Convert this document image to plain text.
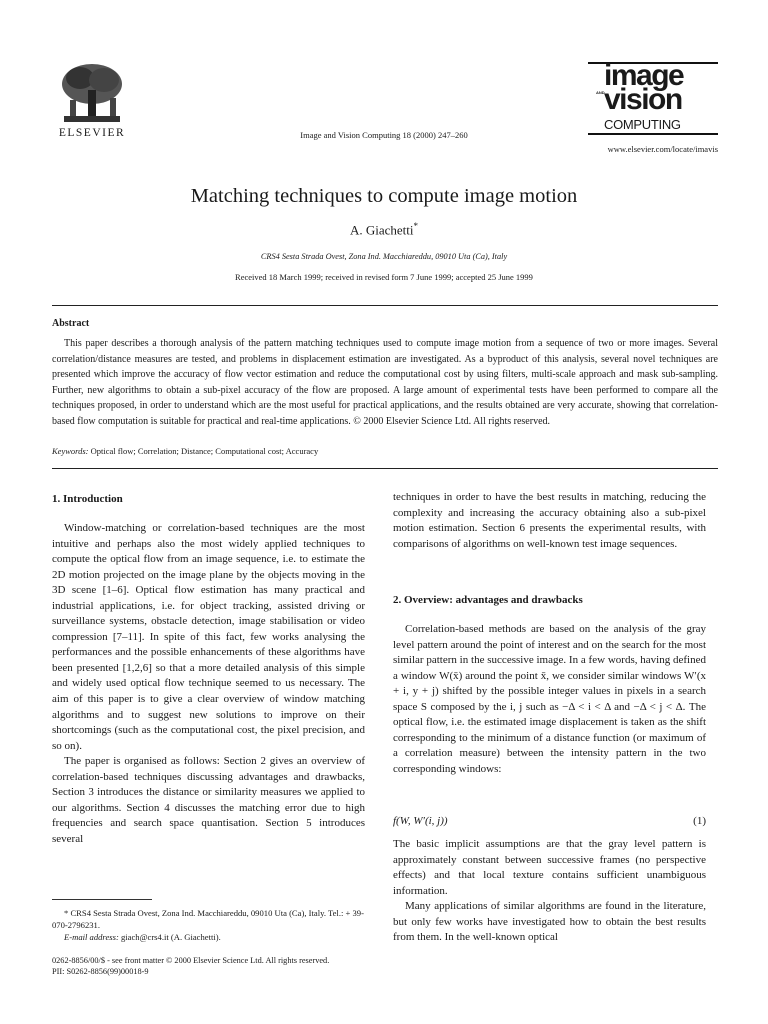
ELSEVIER	Image and Vision Computing 18 (2000) 247–260
image
AND vision
COMPUTING
www.elsevier.com/locate/imavis
Matching techniques to compute image motion
A. Giachetti*
CRS4 Sesta Strada Ovest, Zona Ind. Macchiareddu, 09010 Uta (Ca), Italy
Received 18 March 1999; received in revised form 7 June 1999; accepted 25 June 1999
Abstract
This paper describes a thorough analysis of the pattern matching techniques used to compute image motion from a sequence of two or more images. Several correlation/distance measures are tested, and problems in displacement estimation are investigated. As a byproduct of this analysis, several novel techniques are presented which improve the accuracy of flow vector estimation and reduce the computational cost by using filters, multi-scale approach and mask sub-sampling. Further, new algorithms to obtain a sub-pixel accuracy of the flow are proposed. A large amount of experimental tests have been performed to compare all the techniques proposed, in order to understand which are the most useful for practical applications, and the results obtained are very accurate, showing that correlation-based flow computation is suitable for practical and real-time applications. © 2000 Elsevier Science Ltd. All rights reserved.
Keywords: Optical flow; Correlation; Distance; Computational cost; Accuracy
1. Introduction

Window-matching or correlation-based techniques are the most intuitive and perhaps also the most widely applied techniques to compute the optical flow from an image sequence, i.e. to estimate the 2D motion projected on the image plane by the objects moving in the 3D scene [1–6]. Optical flow estimation has many practical and industrial applications, i.e. for object tracking, assisted driving or surveillance systems, obstacle detection, image stabilisation or video compression [7–11]. In spite of this fact, few works analysing the performances and the possible enhancements of these algorithms have been presented [1,2,6] so that a more detailed analysis of this simple and widely used optical flow technique seemed to us necessary. The aim of this paper is to give a clear overview of window matching algorithms and to suggest new solutions to improve on their shortcomings (such as the computational cost, the pixel precision, and so on).

The paper is organised as follows: Section 2 gives an overview of correlation-based techniques discussing advantages and drawbacks, Section 3 introduces the distance or similarity measures we applied to our algorithms. Section 4 discusses the matching error due to high frequencies and search space quantisation. Section 5 introduces several

* CRS4 Sesta Strada Ovest, Zona Ind. Macchiareddu, 09010 Uta (Ca), Italy. Tel.: + 39-070-2796231.
E-mail address: giach@crs4.it (A. Giachetti).

techniques in order to have the best results in matching, reducing the complexity and increasing the accuracy obtaining also a sub-pixel motion estimation. Section 6 presents the experimental results, with comparisons of algorithms on well-known test image sequences.

2. Overview: advantages and drawbacks

Correlation-based methods are based on the analysis of the gray level pattern around the point of interest and on the search for the most similar pattern in the successive image. In a few words, having defined a window W(x̄) around the point x̄, we consider similar windows W′(x + i, y + j) shifted by the possible integer values in pixels in a search space S composed by the i, j such as −Δ < i < Δ and −Δ < j < Δ. The optical flow, i.e. the estimated image displacement is taken as the shift corresponding to the minimum of a distance function (or maximum of a correlation measure) between the intensity pattern in the two corresponding windows:

f(W, W′(i, j))	(1)

The basic implicit assumptions are that the gray level pattern is approximately constant between successive frames (no perspective effects) and that local texture contains sufficient unambiguous information.

Many applications of similar algorithms are found in the literature, but only few works have investigated how to obtain the best results from them. In the well-known optical

0262-8856/00/$ - see front matter © 2000 Elsevier Science Ltd. All rights reserved.
PII: S0262-8856(99)00018-9
